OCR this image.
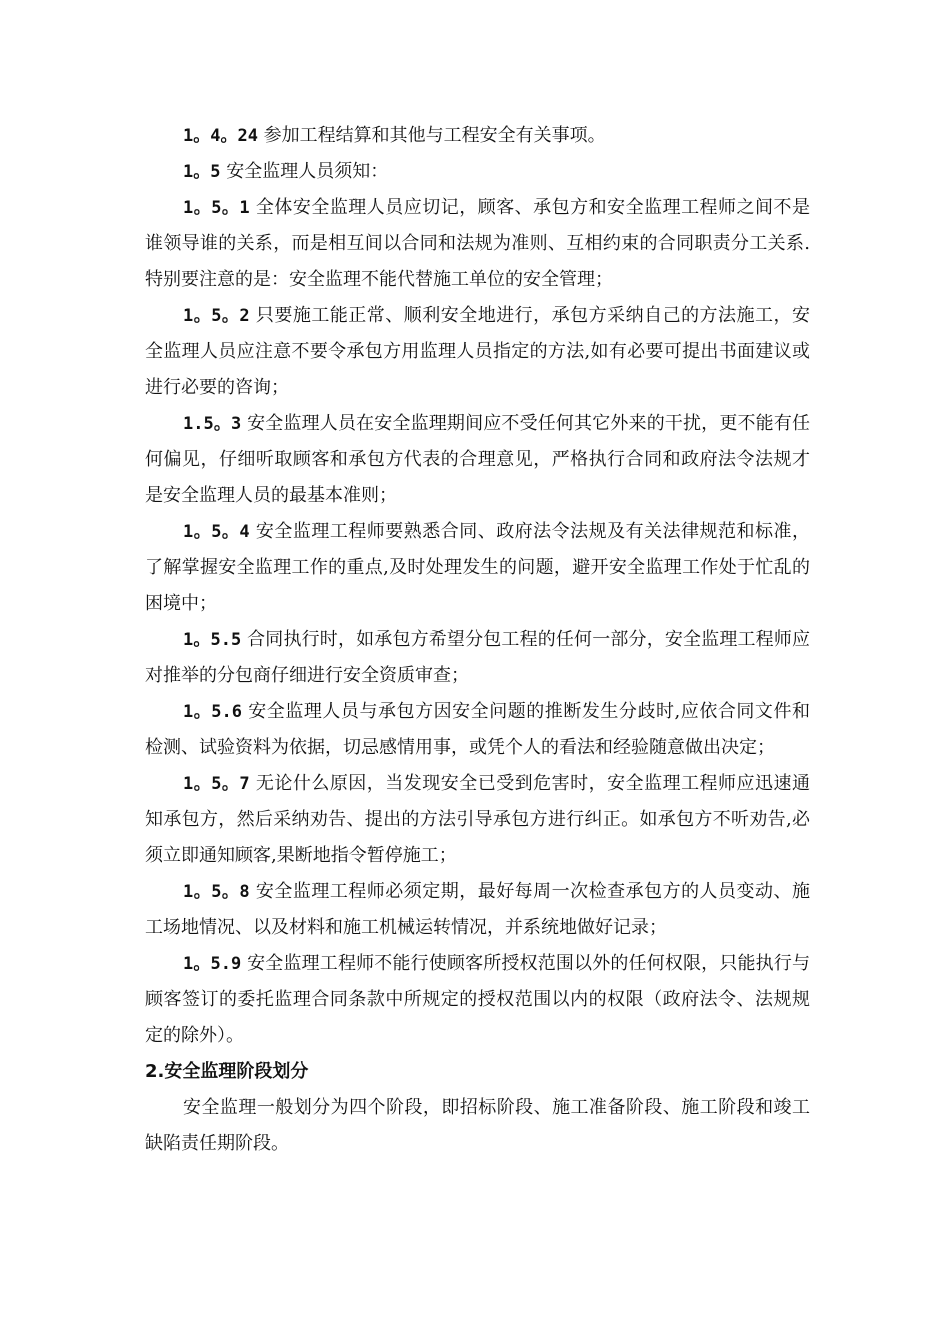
1。4。24 参加工程结算和其他与工程安全有关事项。

1。5 安全监理人员须知：

1。5。1 全体安全监理人员应切记，顾客、承包方和安全监理工程师之间不是谁领导谁的关系，而是相互间以合同和法规为准则、互相约束的合同职责分工关系.特别要注意的是：安全监理不能代替施工单位的安全管理；

1。5。2 只要施工能正常、顺利安全地进行，承包方采纳自己的方法施工，安全监理人员应注意不要令承包方用监理人员指定的方法,如有必要可提出书面建议或进行必要的咨询；

1.5。3 安全监理人员在安全监理期间应不受任何其它外来的干扰，更不能有任何偏见，仔细听取顾客和承包方代表的合理意见，严格执行合同和政府法令法规才是安全监理人员的最基本准则；

1。5。4 安全监理工程师要熟悉合同、政府法令法规及有关法律规范和标准，了解掌握安全监理工作的重点,及时处理发生的问题，避开安全监理工作处于忙乱的困境中；

1。5.5 合同执行时，如承包方希望分包工程的任何一部分，安全监理工程师应对推举的分包商仔细进行安全资质审查；

1。5.6 安全监理人员与承包方因安全问题的推断发生分歧时,应依合同文件和检测、试验资料为依据，切忌感情用事，或凭个人的看法和经验随意做出决定；

1。5。7 无论什么原因，当发现安全已受到危害时，安全监理工程师应迅速通知承包方，然后采纳劝告、提出的方法引导承包方进行纠正。如承包方不听劝告,必须立即通知顾客,果断地指令暂停施工；

1。5。8 安全监理工程师必须定期，最好每周一次检查承包方的人员变动、施工场地情况、以及材料和施工机械运转情况，并系统地做好记录；

1。5.9 安全监理工程师不能行使顾客所授权范围以外的任何权限，只能执行与顾客签订的委托监理合同条款中所规定的授权范围以内的权限（政府法令、法规规定的除外）。

2.安全监理阶段划分

安全监理一般划分为四个阶段，即招标阶段、施工准备阶段、施工阶段和竣工缺陷责任期阶段。
